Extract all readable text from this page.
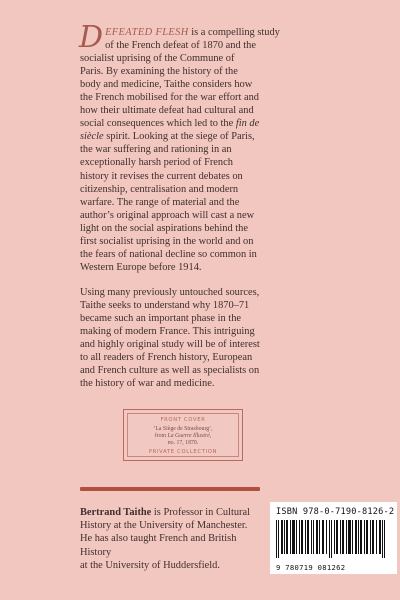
DEFEATED FLESH is a compelling study
of the French defeat of 1870 and the
socialist uprising of the Commune of
Paris. By examining the history of the
body and medicine, Taithe considers how
the French mobilised for the war effort and
how their ultimate defeat had cultural and
social consequences which led to the fin de
siècle spirit. Looking at the siege of Paris,
the war suffering and rationing in an
exceptionally harsh period of French
history it revises the current debates on
citizenship, centralisation and modern
warfare. The range of material and the
author’s original approach will cast a new
light on the social aspirations behind the
first socialist uprising in the world and on
the fears of national decline so common in
Western Europe before 1914.

Using many previously untouched sources,
Taithe seeks to understand why 1870–71
became such an important phase in the
making of modern France. This intriguing
and highly original study will be of interest
to all readers of French history, European
and French culture as well as specialists on
the history of war and medicine.

FRONT COVER
‘La Siège de Strasbourg’,
from La Guerre Illustré,
no. 17, 1870.
PRIVATE COLLECTION
Bertrand Taithe is Professor in Cultural
History at the University of Manchester.
He has also taught French and British History
at the University of Huddersfield.
ISBN 978-0-7190-8126-2
9 780719 081262
